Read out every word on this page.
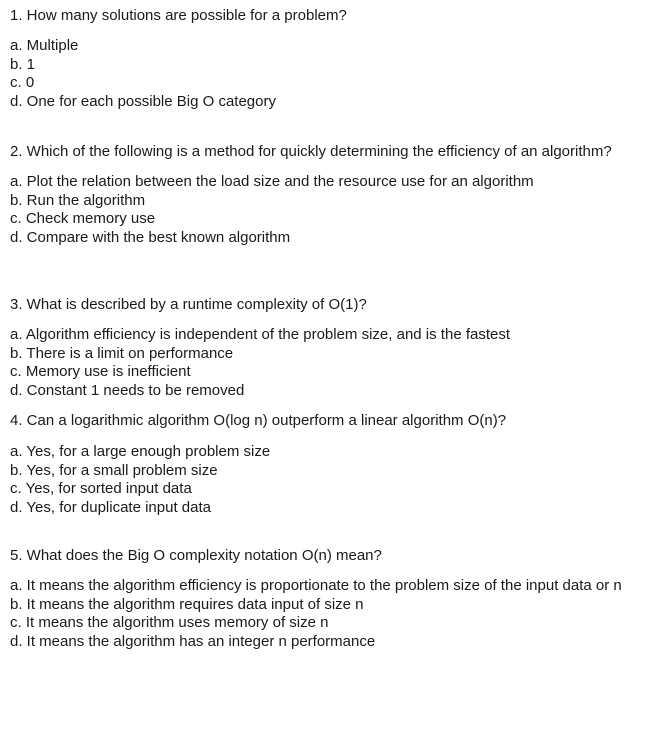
1. How many solutions are possible for a problem?

a. Multiple
b. 1
c. 0
d. One for each possible Big O category

2. Which of the following is a method for quickly determining the efficiency of an algorithm?

a. Plot the relation between the load size and the resource use for an algorithm
b. Run the algorithm
c. Check memory use
d. Compare with the best known algorithm

3. What is described by a runtime complexity of O(1)?

a. Algorithm efficiency is independent of the problem size, and is the fastest
b. There is a limit on performance
c. Memory use is inefficient
d. Constant 1 needs to be removed

4. Can a logarithmic algorithm O(log n) outperform a linear algorithm O(n)?

a. Yes, for a large enough problem size
b. Yes, for a small problem size
c. Yes, for sorted input data
d. Yes, for duplicate input data

5. What does the Big O complexity notation O(n) mean?

a. It means the algorithm efficiency is proportionate to the problem size of the input data or n
b. It means the algorithm requires data input of size n
c. It means the algorithm uses memory of size n
d. It means the algorithm has an integer n performance
